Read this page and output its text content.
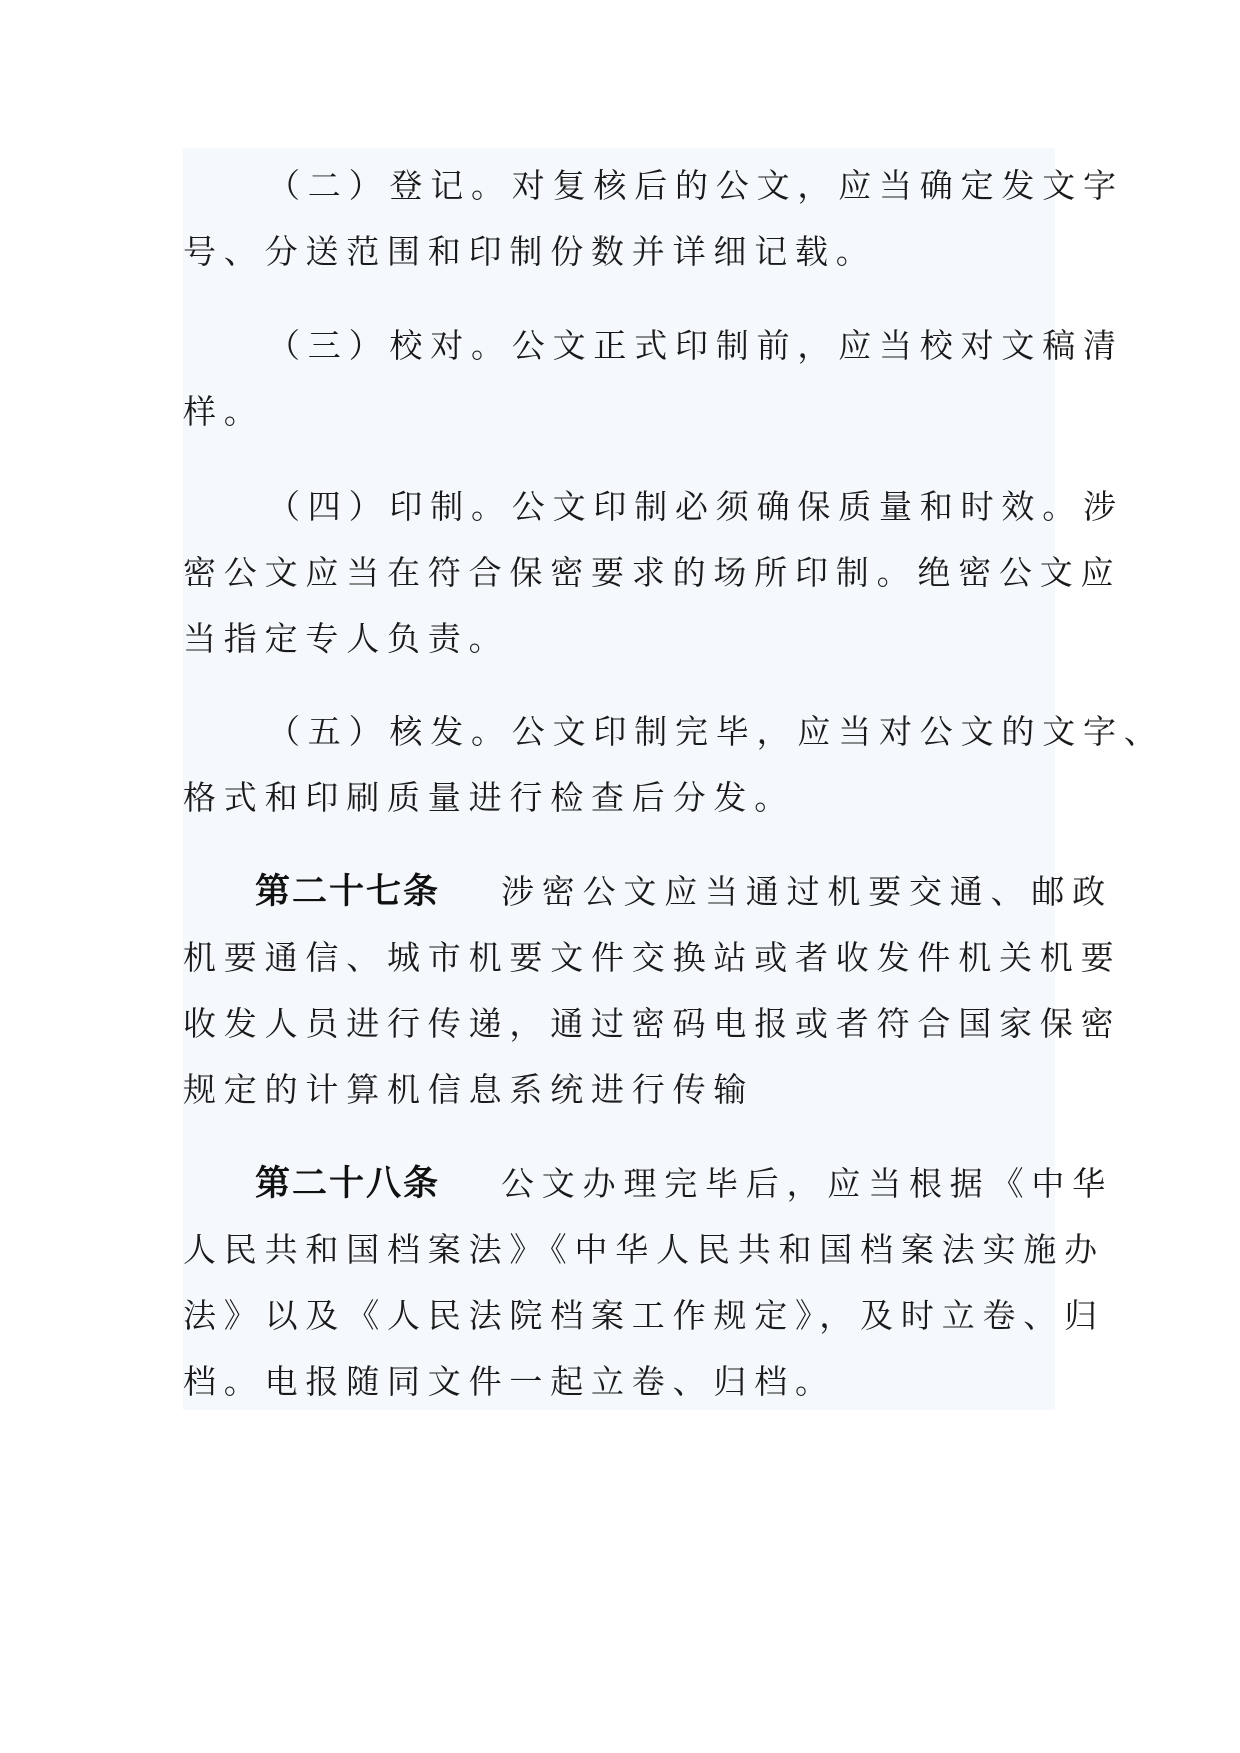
（二）登记。对复核后的公文，应当确定发文字
号、分送范围和印制份数并详细记载。
（三）校对。公文正式印制前，应当校对文稿清
样。
（四）印制。公文印制必须确保质量和时效。涉
密公文应当在符合保密要求的场所印制。绝密公文应
当指定专人负责。
（五）核发。公文印制完毕，应当对公文的文字、
格式和印刷质量进行检查后分发。
第二十七条 涉密公文应当通过机要交通、邮政
机要通信、城市机要文件交换站或者收发件机关机要
收发人员进行传递，通过密码电报或者符合国家保密
规定的计算机信息系统进行传输
第二十八条 公文办理完毕后，应当根据《中华
人民共和国档案法》《中华人民共和国档案法实施办
法》以及《人民法院档案工作规定》，及时立卷、归
档。电报随同文件一起立卷、归档。
